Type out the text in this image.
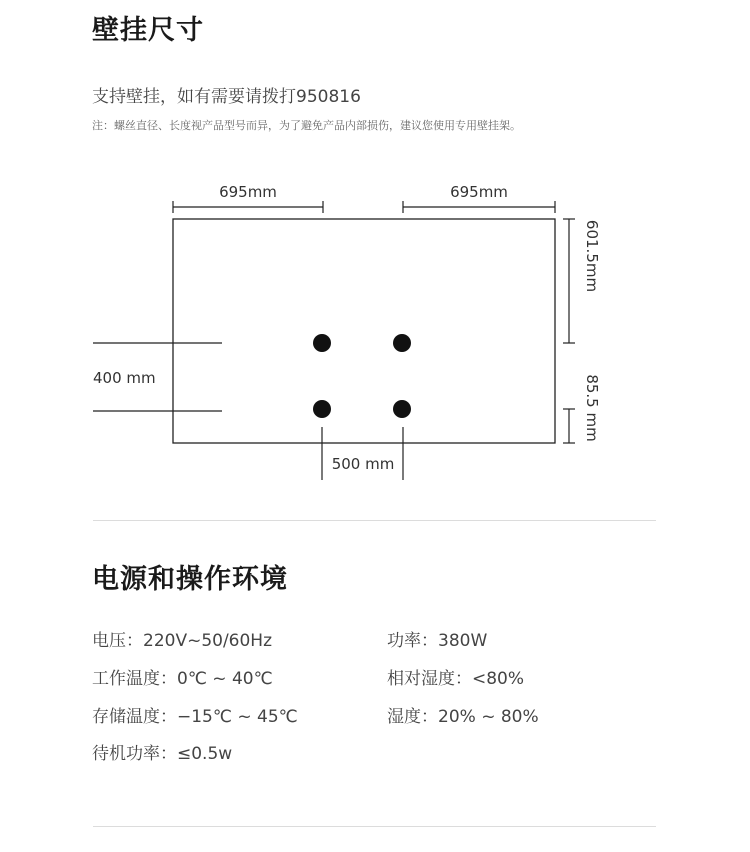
壁挂尺寸
支持壁挂，如有需要请拨打950816
注：螺丝直径、长度视产品型号而异，为了避免产品内部损伤，建议您使用专用壁挂架。
695mm	695mm
601.5mm
85.5 mm
400 mm
500 mm
电源和操作环境
电压：220V~50/60Hz	功率：380W
工作温度：0℃ ~ 40℃	相对湿度：<80%
存储温度：−15℃ ~ 45℃	湿度：20% ~ 80%
待机功率：≤0.5w
